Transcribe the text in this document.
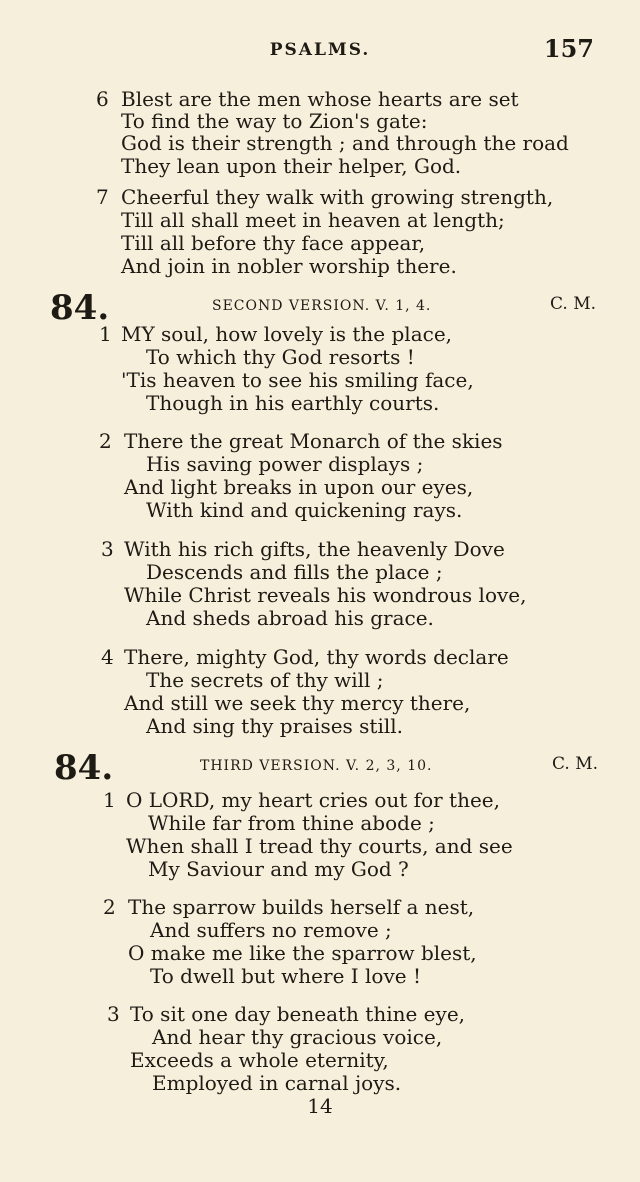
PSALMS.	157
6 Blest are the men whose hearts are set
To find the way to Zion's gate:
God is their strength ; and through the road
They lean upon their helper, God.
7 Cheerful they walk with growing strength,
Till all shall meet in heaven at length;
Till all before thy face appear,
And join in nobler worship there.
84.	SECOND VERSION. V. 1, 4.	C. M.
1 MY soul, how lovely is the place,
To which thy God resorts !
'Tis heaven to see his smiling face,
Though in his earthly courts.
2 There the great Monarch of the skies
His saving power displays ;
And light breaks in upon our eyes,
With kind and quickening rays.
3 With his rich gifts, the heavenly Dove
Descends and fills the place ;
While Christ reveals his wondrous love,
And sheds abroad his grace.
4 There, mighty God, thy words declare
The secrets of thy will ;
And still we seek thy mercy there,
And sing thy praises still.
84.	THIRD VERSION. V. 2, 3, 10.	C. M.
1 O LORD, my heart cries out for thee,
While far from thine abode ;
When shall I tread thy courts, and see
My Saviour and my God ?
2 The sparrow builds herself a nest,
And suffers no remove ;
O make me like the sparrow blest,
To dwell but where I love !
3 To sit one day beneath thine eye,
And hear thy gracious voice,
Exceeds a whole eternity,
Employed in carnal joys.
14
